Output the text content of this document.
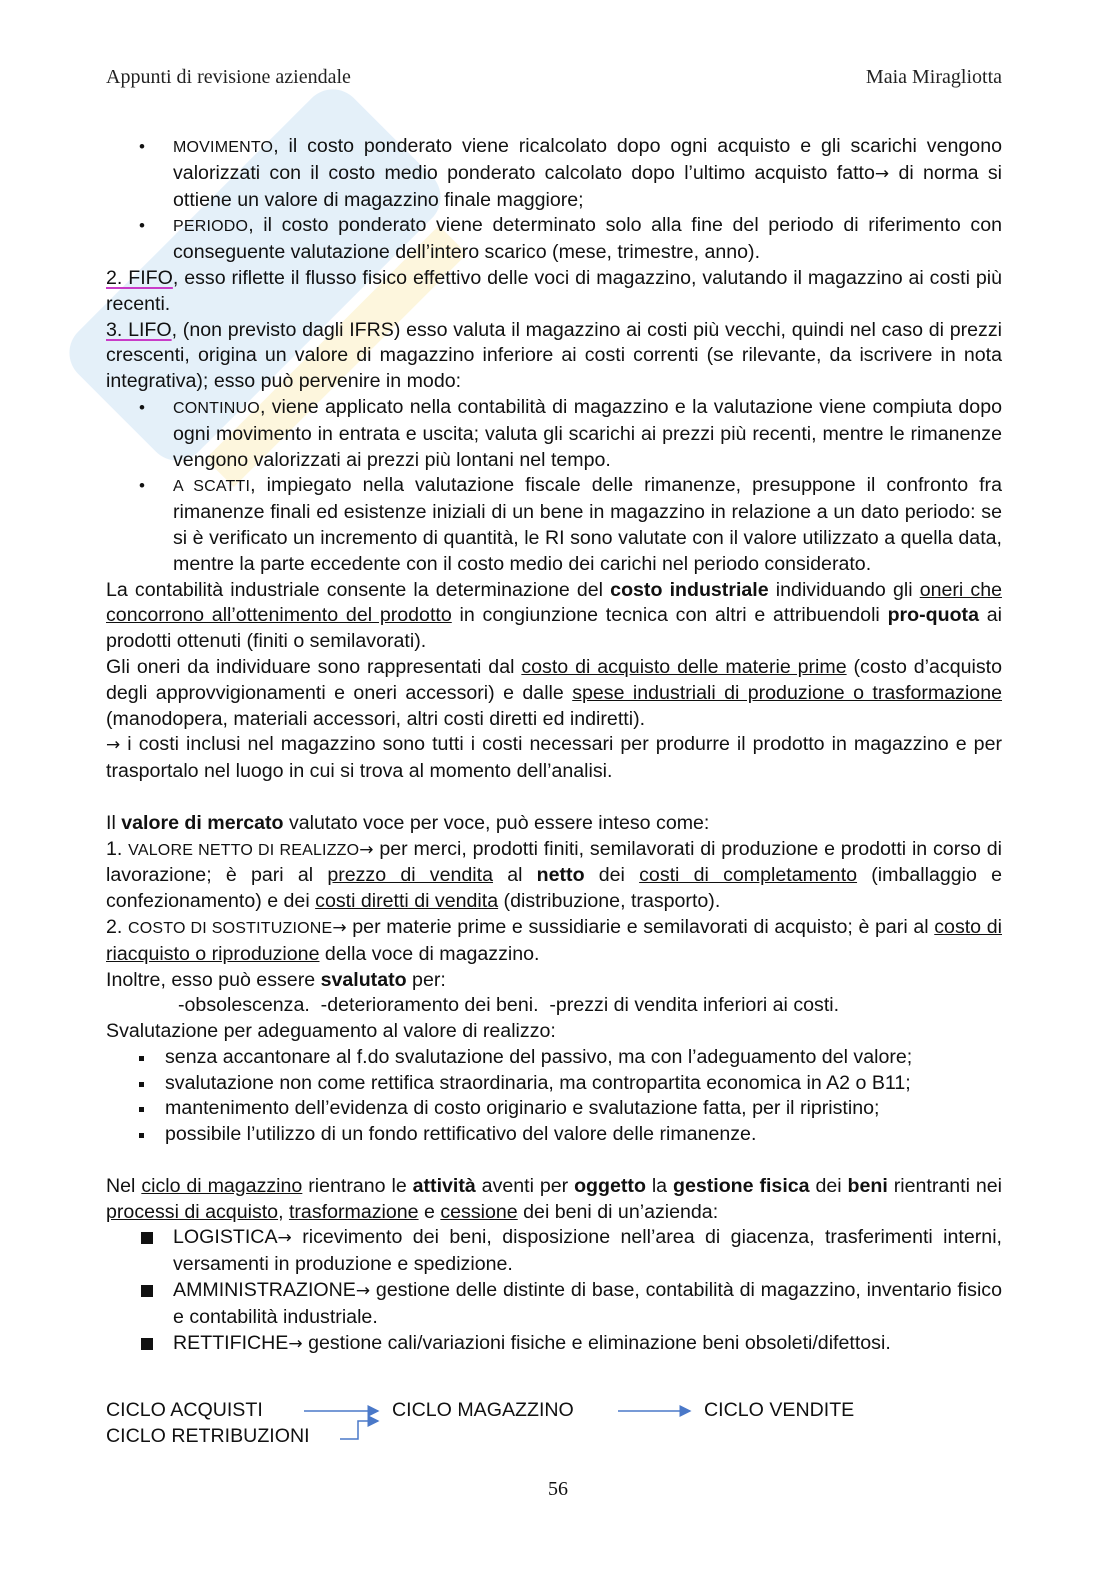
Appunti di revisione aziendale	Maia Miragliotta
• MOVIMENTO, il costo ponderato viene ricalcolato dopo ogni acquisto e gli scarichi vengono valorizzati con il costo medio ponderato calcolato dopo l’ultimo acquisto fatto→ di norma si ottiene un valore di magazzino finale maggiore;
• PERIODO, il costo ponderato viene determinato solo alla fine del periodo di riferimento con conseguente valutazione dell’intero scarico (mese, trimestre, anno).

2. FIFO, esso riflette il flusso fisico effettivo delle voci di magazzino, valutando il magazzino ai costi più recenti.

3. LIFO, (non previsto dagli IFRS) esso valuta il magazzino ai costi più vecchi, quindi nel caso di prezzi crescenti, origina un valore di magazzino inferiore ai costi correnti (se rilevante, da iscrivere in nota integrativa); esso può pervenire in modo:

• CONTINUO, viene applicato nella contabilità di magazzino e la valutazione viene compiuta dopo ogni movimento in entrata e uscita; valuta gli scarichi ai prezzi più recenti, mentre le rimanenze vengono valorizzati ai prezzi più lontani nel tempo.
• A SCATTI, impiegato nella valutazione fiscale delle rimanenze, presuppone il confronto fra rimanenze finali ed esistenze iniziali di un bene in magazzino in relazione a un dato periodo: se si è verificato un incremento di quantità, le RI sono valutate con il valore utilizzato a quella data, mentre la parte eccedente con il costo medio dei carichi nel periodo considerato.

La contabilità industriale consente la determinazione del costo industriale individuando gli oneri che concorrono all’ottenimento del prodotto in congiunzione tecnica con altri e attribuendoli pro-quota ai prodotti ottenuti (finiti o semilavorati).

Gli oneri da individuare sono rappresentati dal costo di acquisto delle materie prime (costo d’acquisto degli approvvigionamenti e oneri accessori) e dalle spese industriali di produzione o trasformazione (manodopera, materiali accessori, altri costi diretti ed indiretti).

→ i costi inclusi nel magazzino sono tutti i costi necessari per produrre il prodotto in magazzino e per trasportalo nel luogo in cui si trova al momento dell’analisi.

Il valore di mercato valutato voce per voce, può essere inteso come:

1. VALORE NETTO DI REALIZZO→ per merci, prodotti finiti, semilavorati di produzione e prodotti in corso di lavorazione; è pari al prezzo di vendita al netto dei costi di completamento (imballaggio e confezionamento) e dei costi diretti di vendita (distribuzione, trasporto).

2. COSTO DI SOSTITUZIONE→ per materie prime e sussidiarie e semilavorati di acquisto; è pari al costo di riacquisto o riproduzione della voce di magazzino.

Inoltre, esso può essere svalutato per:

-obsolescenza.  -deterioramento dei beni.  -prezzi di vendita inferiori ai costi.

Svalutazione per adeguamento al valore di realizzo:

senza accantonare al f.do svalutazione del passivo, ma con l’adeguamento del valore;
svalutazione non come rettifica straordinaria, ma contropartita economica in A2 o B11;
mantenimento dell’evidenza di costo originario e svalutazione fatta, per il ripristino;
possibile l’utilizzo di un fondo rettificativo del valore delle rimanenze.

Nel ciclo di magazzino rientrano le attività aventi per oggetto la gestione fisica dei beni rientranti nei processi di acquisto, trasformazione e cessione dei beni di un’azienda:

LOGISTICA→ ricevimento dei beni, disposizione nell’area di giacenza, trasferimenti interni, versamenti in produzione e spedizione.
AMMINISTRAZIONE→ gestione delle distinte di base, contabilità di magazzino, inventario fisico e contabilità industriale.
RETTIFICHE→ gestione cali/variazioni fisiche e eliminazione beni obsoleti/difettosi.
CICLO ACQUISTI
CICLO RETRIBUZIONI
CICLO MAGAZZINO	CICLO VENDITE
56
